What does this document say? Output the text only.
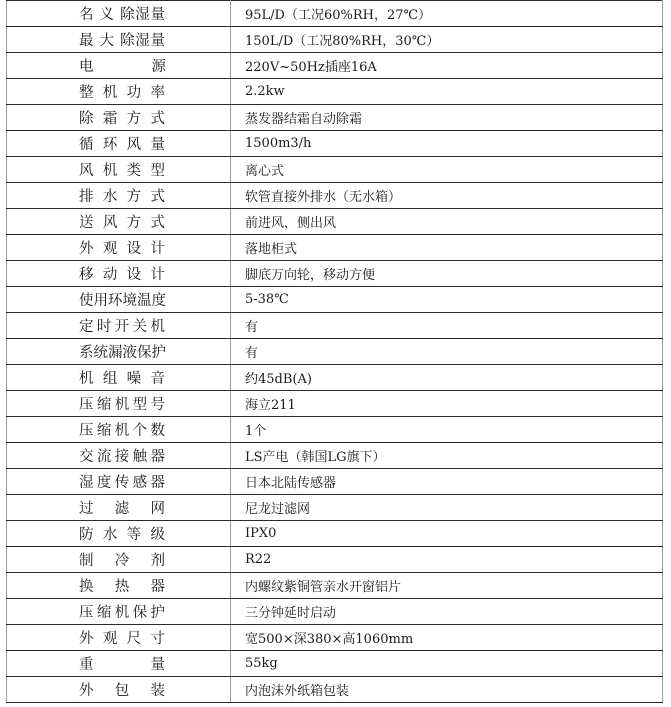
名 义 除湿量	95L/D（工况60%RH，27℃）
最 大 除湿量	150L/D（工况80%RH，30℃）
电　　　　源	220V~50Hz插座16A
整 机 功 率	2.2kw
除 霜 方 式	蒸发器结霜自动除霜
循 环 风 量	1500m3/h
风 机 类 型	离心式
排 水 方 式	软管直接外排水（无水箱）
送 风 方 式	前进风，侧出风
外 观 设 计	落地柜式
移 动 设 计	脚底万向轮，移动方便
使用环境温度	5-38℃
定时开关机	有
系统漏液保护	有
机 组 噪 音	约45dB(A)
压缩机型号	海立211
压缩机个数	1个
交流接触器	LS产电（韩国LG旗下）
湿度传感器	日本北陆传感器
过　滤　网	尼龙过滤网
防 水 等 级	IPX0
制　冷　剂	R22
换　热　器	内螺纹紫铜管亲水开窗铝片
压缩机保护	三分钟延时启动
外 观 尺 寸	宽500×深380×高1060mm
重　　　量	55kg
外　包　装	内泡沫外纸箱包装
